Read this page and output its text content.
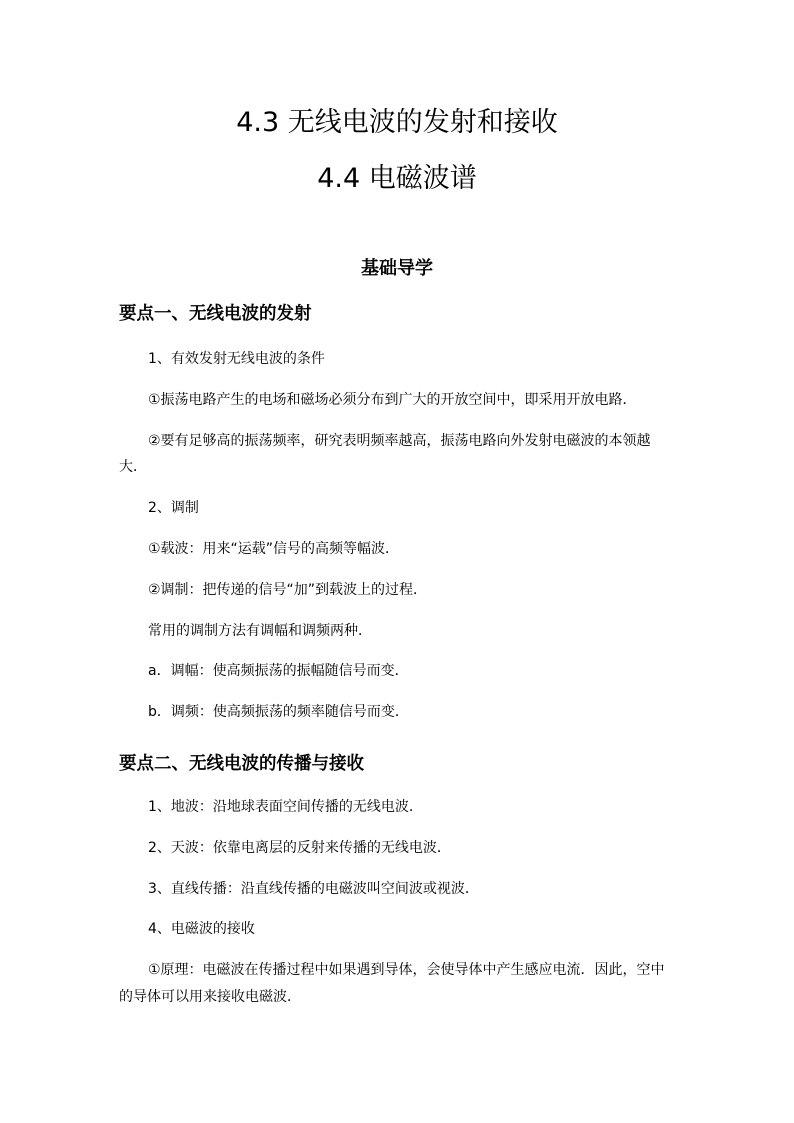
4.3 无线电波的发射和接收
4.4 电磁波谱
基础导学
要点一、无线电波的发射
1、有效发射无线电波的条件
①振荡电路产生的电场和磁场必须分布到广大的开放空间中，即采用开放电路．
②要有足够高的振荡频率，研究表明频率越高，振荡电路向外发射电磁波的本领越
大．
2、调制
①载波：用来“运载”信号的高频等幅波．
②调制：把传递的信号“加”到载波上的过程．
常用的调制方法有调幅和调频两种．
a．调幅：使高频振荡的振幅随信号而变．
b．调频：使高频振荡的频率随信号而变．
要点二、无线电波的传播与接收
1、地波：沿地球表面空间传播的无线电波．
2、天波：依靠电离层的反射来传播的无线电波．
3、直线传播：沿直线传播的电磁波叫空间波或视波．
4、电磁波的接收
①原理：电磁波在传播过程中如果遇到导体，会使导体中产生感应电流．因此，空中
的导体可以用来接收电磁波．
